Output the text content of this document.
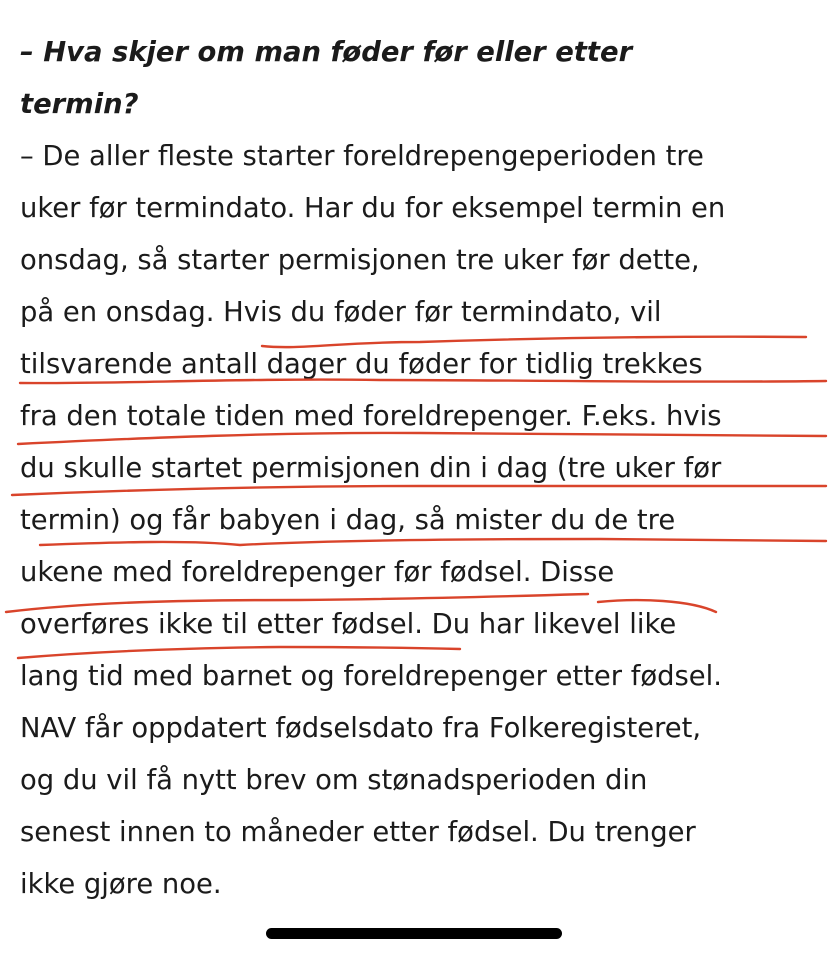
– Hva skjer om man føder før eller etter
termin?
– De aller fleste starter foreldrepengeperioden tre
uker før termindato. Har du for eksempel termin en
onsdag, så starter permisjonen tre uker før dette,
på en onsdag. Hvis du føder før termindato, vil
tilsvarende antall dager du føder for tidlig trekkes
fra den totale tiden med foreldrepenger. F.eks. hvis
du skulle startet permisjonen din i dag (tre uker før
termin) og får babyen i dag, så mister du de tre
ukene med foreldrepenger før fødsel. Disse
overføres ikke til etter fødsel. Du har likevel like
lang tid med barnet og foreldrepenger etter fødsel.
NAV får oppdatert fødselsdato fra Folkeregisteret,
og du vil få nytt brev om stønadsperioden din
senest innen to måneder etter fødsel. Du trenger
ikke gjøre noe.
